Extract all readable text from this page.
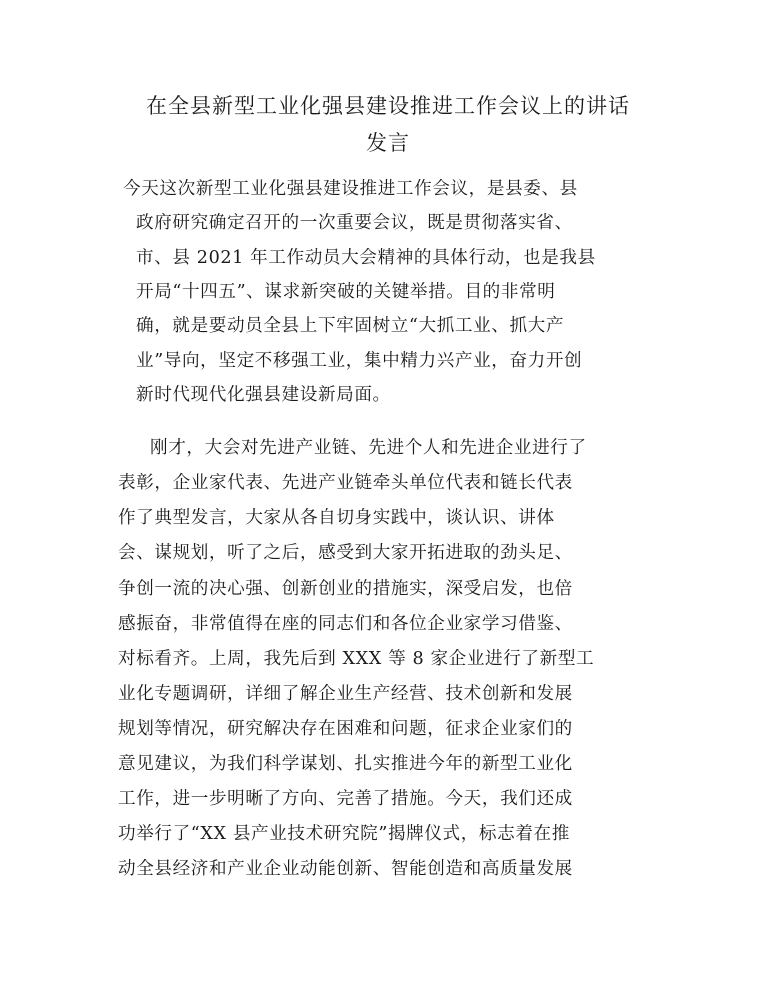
在全县新型工业化强县建设推进工作会议上的讲话
发言

今天这次新型工业化强县建设推进工作会议，是县委、县

政府研究确定召开的一次重要会议，既是贯彻落实省、

市、县 2021 年工作动员大会精神的具体行动，也是我县

开局“十四五”、谋求新突破的关键举措。目的非常明

确，就是要动员全县上下牢固树立“大抓工业、抓大产

业”导向，坚定不移强工业，集中精力兴产业，奋力开创

新时代现代化强县建设新局面。

刚才，大会对先进产业链、先进个人和先进企业进行了

表彰，企业家代表、先进产业链牵头单位代表和链长代表

作了典型发言，大家从各自切身实践中，谈认识、讲体

会、谋规划，听了之后，感受到大家开拓进取的劲头足、

争创一流的决心强、创新创业的措施实，深受启发，也倍

感振奋，非常值得在座的同志们和各位企业家学习借鉴、

对标看齐。上周，我先后到 XXX 等 8 家企业进行了新型工

业化专题调研，详细了解企业生产经营、技术创新和发展

规划等情况，研究解决存在困难和问题，征求企业家们的

意见建议，为我们科学谋划、扎实推进今年的新型工业化

工作，进一步明晰了方向、完善了措施。今天，我们还成

功举行了“XX 县产业技术研究院”揭牌仪式，标志着在推

动全县经济和产业企业动能创新、智能创造和高质量发展
